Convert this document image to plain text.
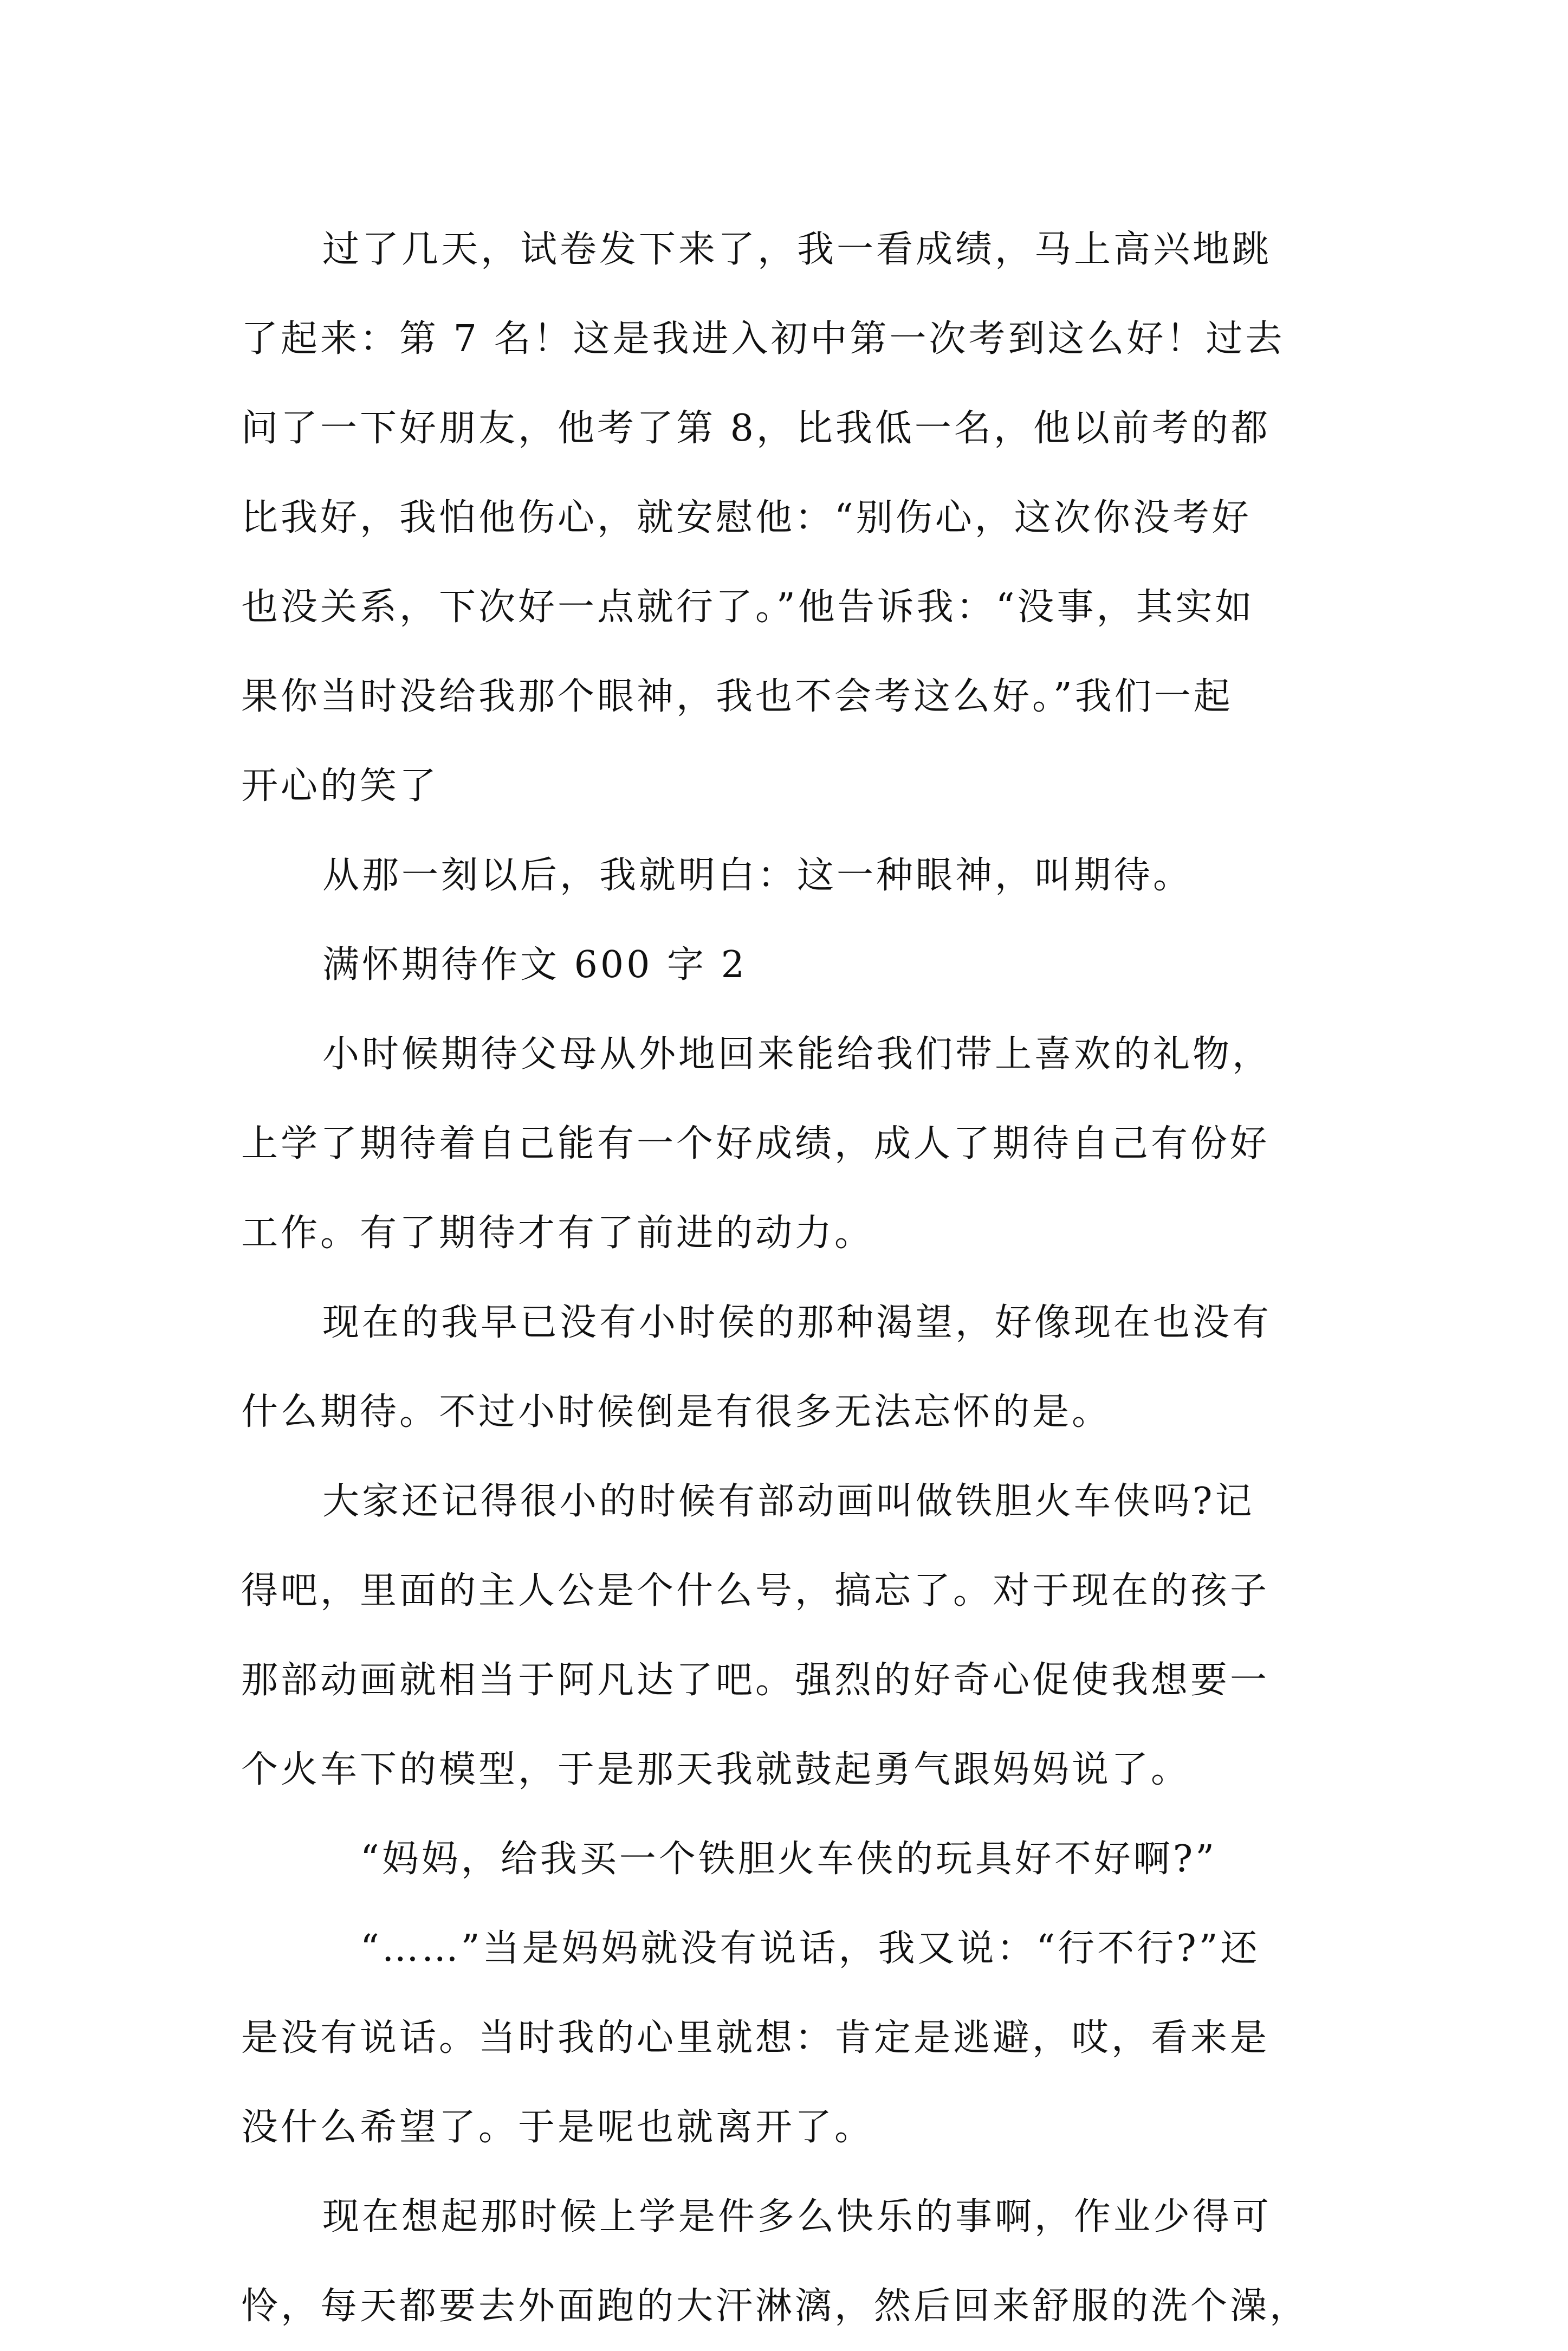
过了几天，试卷发下来了，我一看成绩，马上高兴地跳
了起来：第 7 名！这是我进入初中第一次考到这么好！过去
问了一下好朋友，他考了第 8，比我低一名，他以前考的都
比我好，我怕他伤心，就安慰他：“别伤心，这次你没考好
也没关系，下次好一点就行了。”他告诉我：“没事，其实如
果你当时没给我那个眼神，我也不会考这么好。”我们一起
开心的笑了
从那一刻以后，我就明白：这一种眼神，叫期待。
满怀期待作文 600 字 2
小时候期待父母从外地回来能给我们带上喜欢的礼物，
上学了期待着自己能有一个好成绩，成人了期待自己有份好
工作。有了期待才有了前进的动力。
现在的我早已没有小时侯的那种渴望，好像现在也没有
什么期待。不过小时候倒是有很多无法忘怀的是。
大家还记得很小的时候有部动画叫做铁胆火车侠吗?记
得吧，里面的主人公是个什么号，搞忘了。对于现在的孩子
那部动画就相当于阿凡达了吧。强烈的好奇心促使我想要一
个火车下的模型，于是那天我就鼓起勇气跟妈妈说了。
“妈妈，给我买一个铁胆火车侠的玩具好不好啊?”
“……”当是妈妈就没有说话，我又说：“行不行?”还
是没有说话。当时我的心里就想：肯定是逃避，哎，看来是
没什么希望了。于是呢也就离开了。
现在想起那时候上学是件多么快乐的事啊，作业少得可
怜，每天都要去外面跑的大汗淋漓，然后回来舒服的洗个澡，
